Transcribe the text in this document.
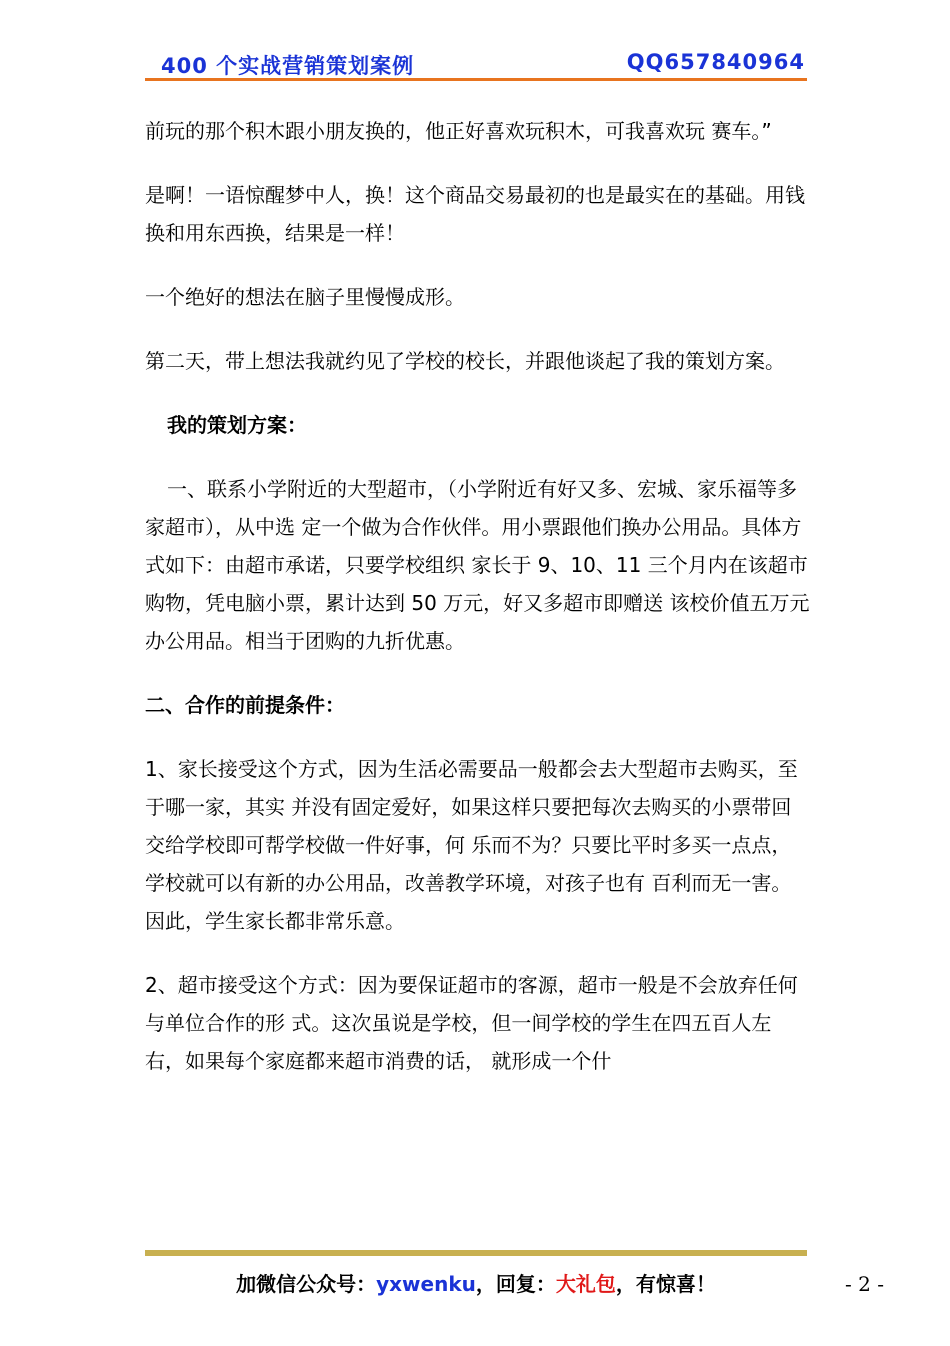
400 个实战营销策划案例	QQ657840964

前玩的那个积木跟小朋友换的，他正好喜欢玩积木，可我喜欢玩 赛车。”

是啊！一语惊醒梦中人，换！这个商品交易最初的也是最实在的基础。用钱换和用东西换，结果是一样！

一个绝好的想法在脑子里慢慢成形。

第二天，带上想法我就约见了学校的校长，并跟他谈起了我的策划方案。

我的策划方案：

一、联系小学附近的大型超市，（小学附近有好又多、宏城、家乐福等多家超市），从中选 定一个做为合作伙伴。用小票跟他们换办公用品。具体方式如下：由超市承诺，只要学校组织 家长于 9、10、11 三个月内在该超市购物，凭电脑小票，累计达到 50 万元，好又多超市即赠送 该校价值五万元办公用品。相当于团购的九折优惠。

二、合作的前提条件：

1、家长接受这个方式，因为生活必需要品一般都会去大型超市去购买，至于哪一家，其实 并没有固定爱好，如果这样只要把每次去购买的小票带回交给学校即可帮学校做一件好事，何 乐而不为？只要比平时多买一点点，学校就可以有新的办公用品，改善教学环境，对孩子也有 百利而无一害。因此，学生家长都非常乐意。

2、超市接受这个方式：因为要保证超市的客源，超市一般是不会放弃任何与单位合作的形 式。这次虽说是学校，但一间学校的学生在四五百人左右，如果每个家庭都来超市消费的话， 就形成一个什

加微信公众号：yxwenku，回复：大礼包，有惊喜！	- 2 -
